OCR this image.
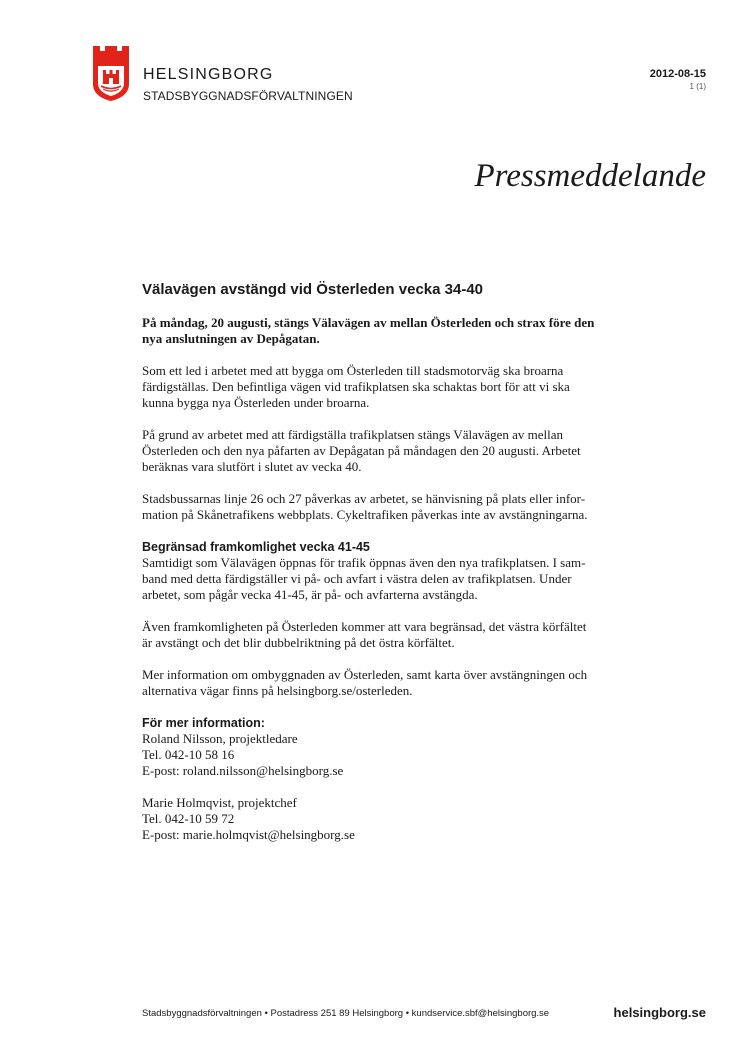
HELSINGBORG
STADSBYGGNADSFÖRVALTNINGEN
2012-08-15
1 (1)
Pressmeddelande
Välavägen avstängd vid Österleden vecka 34-40
På måndag, 20 augusti, stängs Välavägen av mellan Österleden och strax före den
nya anslutningen av Depågatan.
Som ett led i arbetet med att bygga om Österleden till stadsmotorväg ska broarna
färdigställas. Den befintliga vägen vid trafikplatsen ska schaktas bort för att vi ska
kunna bygga nya Österleden under broarna.
På grund av arbetet med att färdigställa trafikplatsen stängs Välavägen av mellan
Österleden och den nya påfarten av Depågatan på måndagen den 20 augusti. Arbetet
beräknas vara slutfört i slutet av vecka 40.
Stadsbussarnas linje 26 och 27 påverkas av arbetet, se hänvisning på plats eller infor-
mation på Skånetrafikens webbplats. Cykeltrafiken påverkas inte av avstängningarna.
Begränsad framkomlighet vecka 41-45
Samtidigt som Välavägen öppnas för trafik öppnas även den nya trafikplatsen. I sam-
band med detta färdigställer vi på- och avfart i västra delen av trafikplatsen. Under
arbetet, som pågår vecka 41-45, är på- och avfarterna avstängda.
Även framkomligheten på Österleden kommer att vara begränsad, det västra körfältet
är avstängt och det blir dubbelriktning på det östra körfältet.
Mer information om ombyggnaden av Österleden, samt karta över avstängningen och
alternativa vägar finns på helsingborg.se/osterleden.
För mer information:
Roland Nilsson, projektledare
Tel. 042-10 58 16
E-post: roland.nilsson@helsingborg.se
Marie Holmqvist, projektchef
Tel. 042-10 59 72
E-post: marie.holmqvist@helsingborg.se
Stadsbyggnadsförvaltningen • Postadress 251 89 Helsingborg • kundservice.sbf@helsingborg.se	helsingborg.se
